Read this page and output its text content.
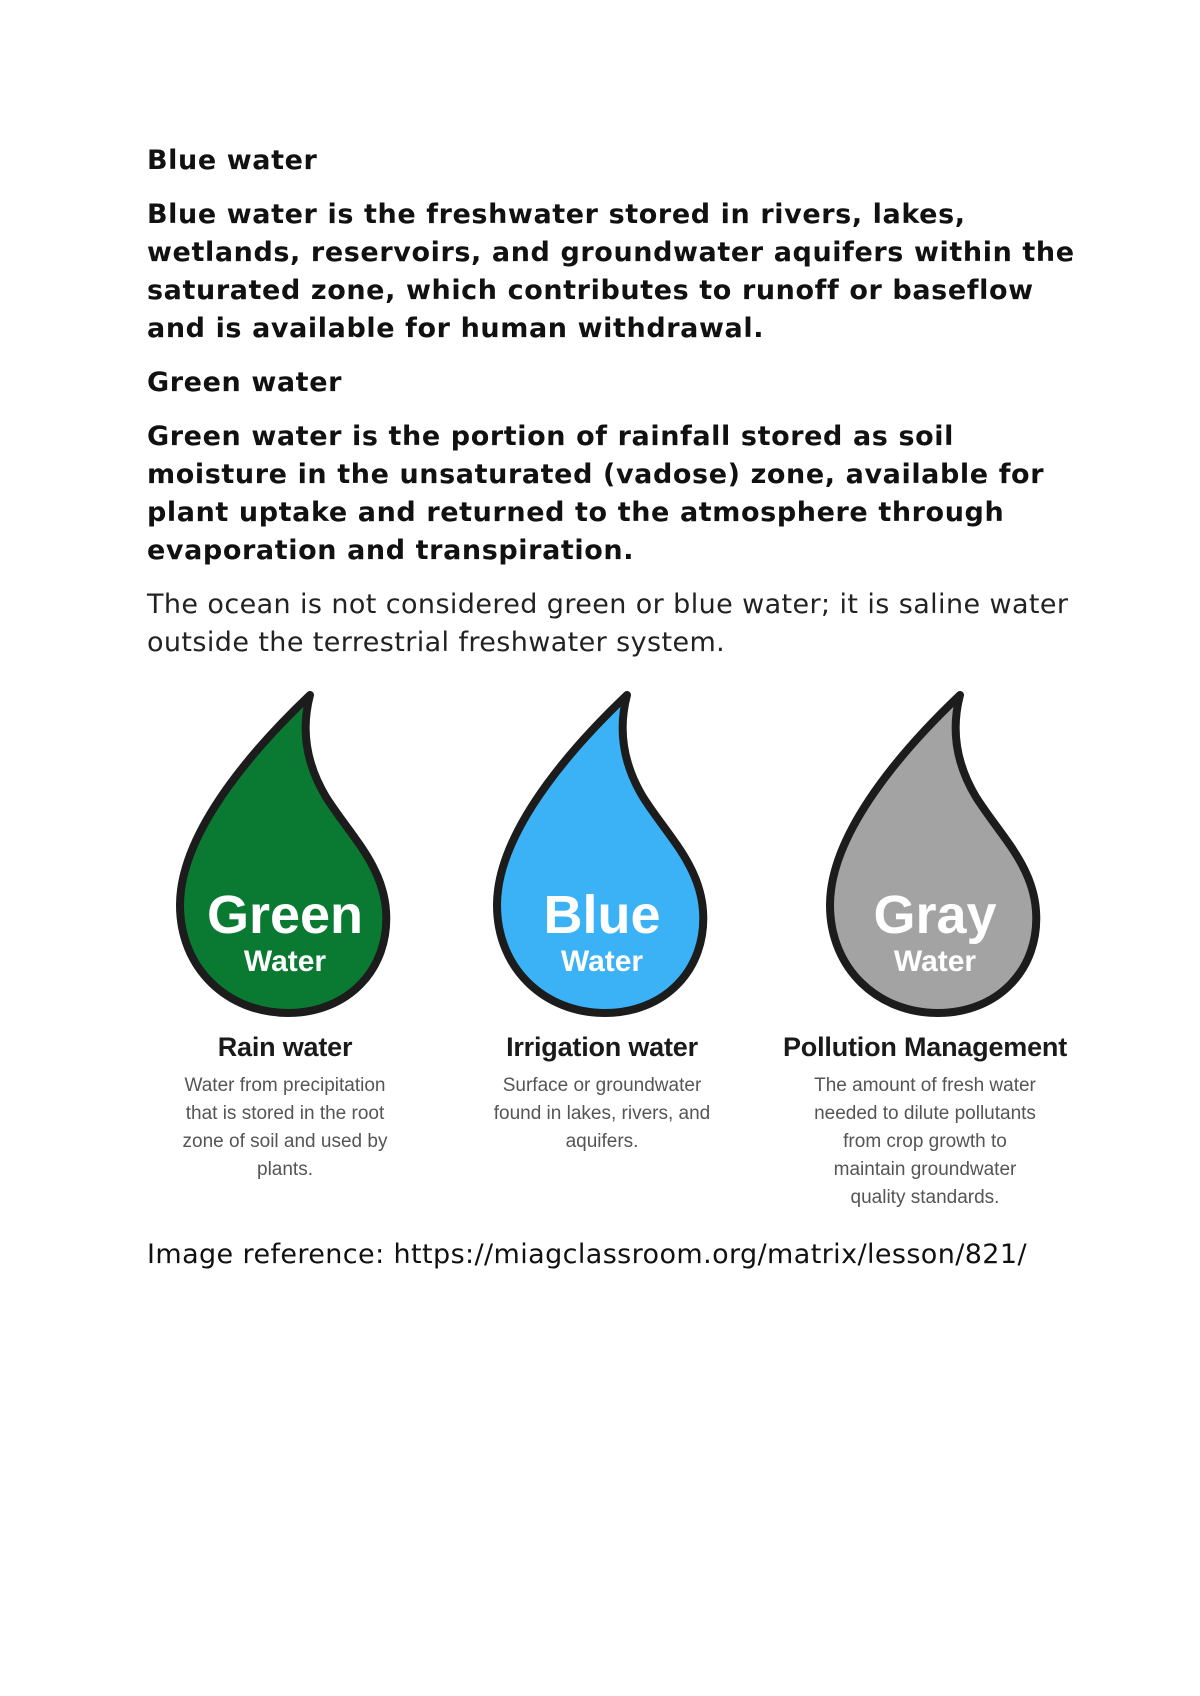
Blue water
Blue water is the freshwater stored in rivers, lakes, wetlands, reservoirs, and groundwater aquifers within the saturated zone, which contributes to runoff or baseflow and is available for human withdrawal.
Green water
Green water is the portion of rainfall stored as soil moisture in the unsaturated (vadose) zone, available for plant uptake and returned to the atmosphere through evaporation and transpiration.
The ocean is not considered green or blue water; it is saline water outside the terrestrial freshwater system.
Green
Water
Rain water
Water from precipitation
that is stored in the root
zone of soil and used by
plants.
Blue
Water
Irrigation water
Surface or groundwater
found in lakes, rivers, and
aquifers.
Gray
Water
Pollution Management
The amount of fresh water
needed to dilute pollutants
from crop growth to
maintain groundwater
quality standards.
Image reference: https://miagclassroom.org/matrix/lesson/821/
